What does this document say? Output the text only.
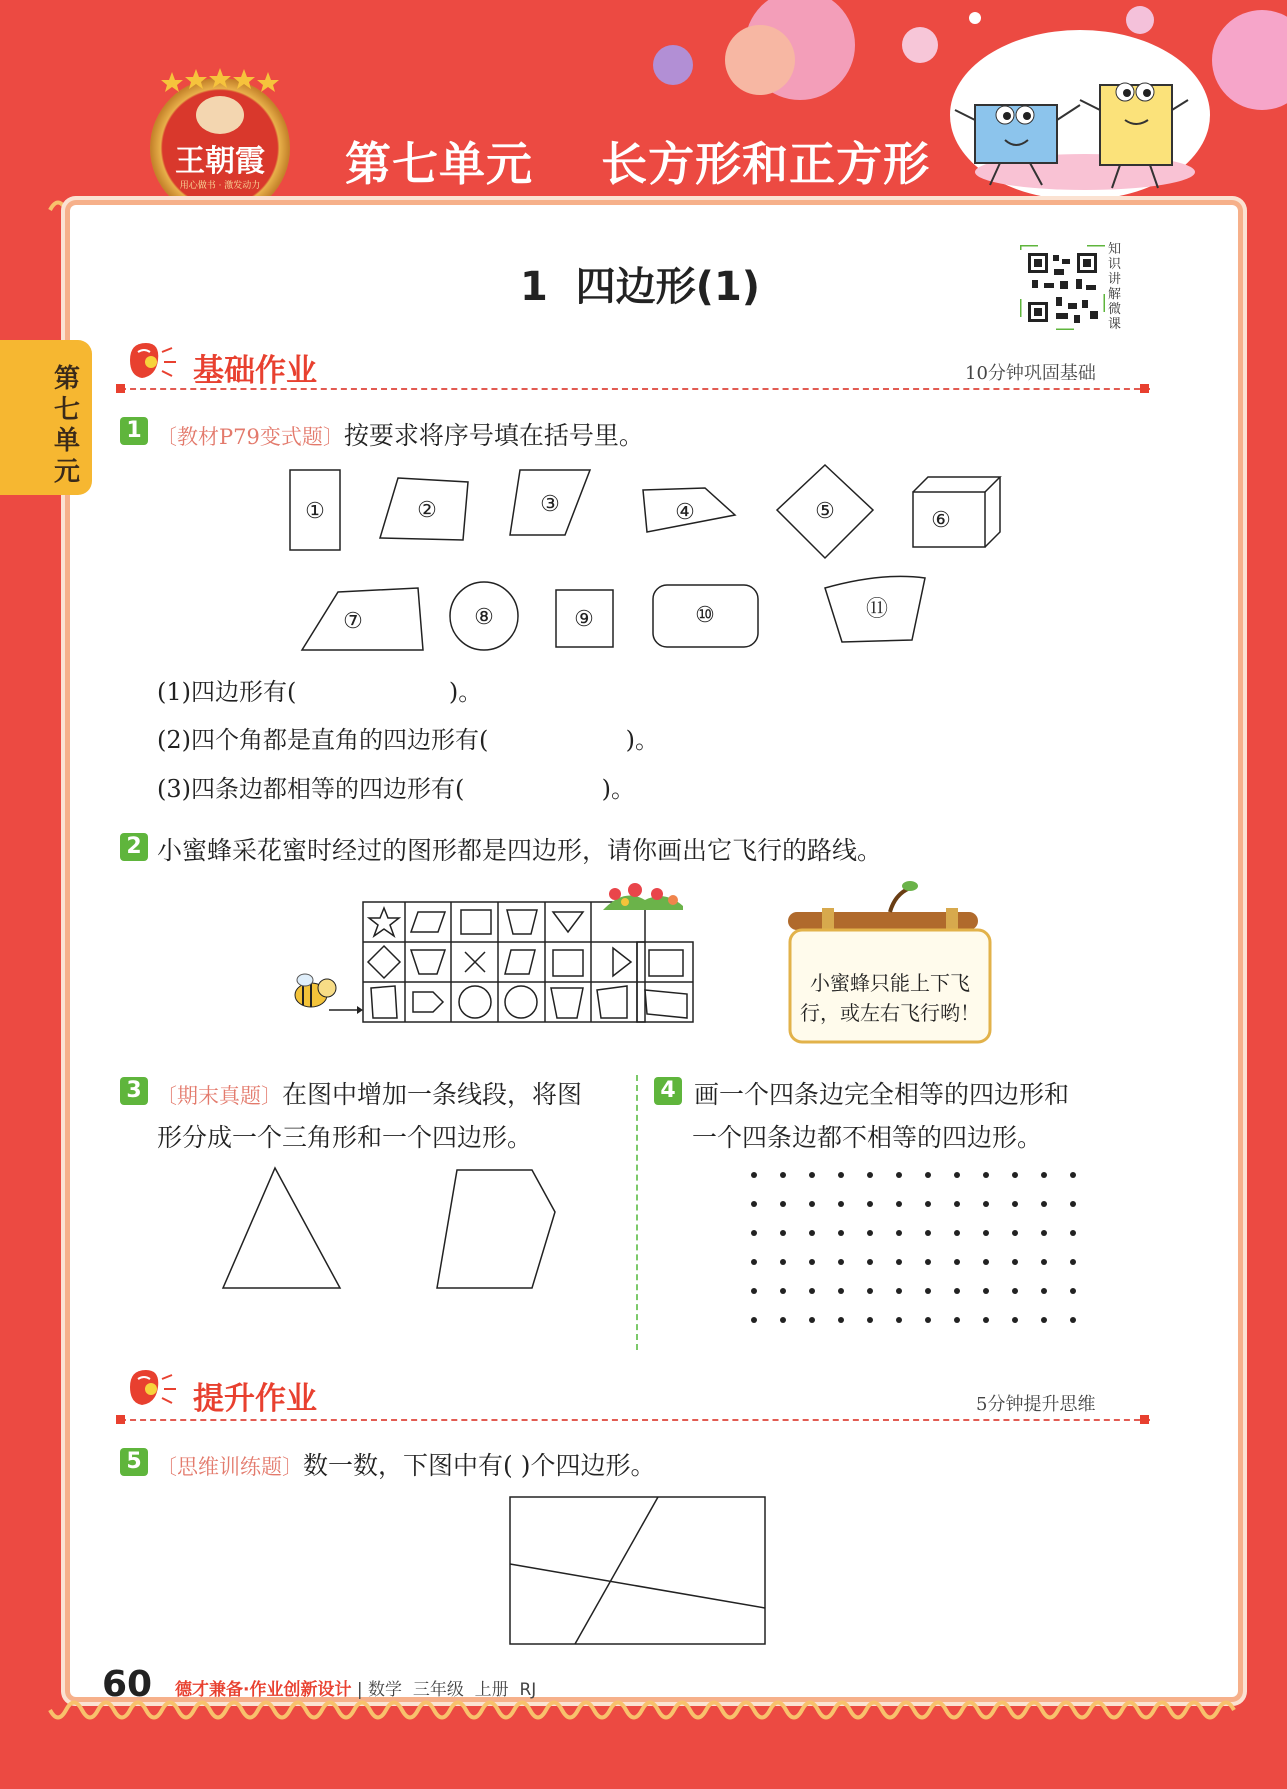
王朝霞
用心做书 · 激发动力 第七单元 长方形和正方形
第七单元
1  四边形(1)
知识讲解微课
基础作业	10分钟巩固基础
1 〔教材P79变式题〕按要求将序号填在括号里。
①	②	③	④	⑤	⑥
⑦	⑧	⑨	⑩	⑪
(1)四边形有(                    )。
(2)四个角都是直角的四边形有(                  )。
(3)四条边都相等的四边形有(                  )。
2 小蜜蜂采花蜜时经过的图形都是四边形，请你画出它飞行的路线。
小蜜蜂只能上下飞
行，或左右飞行哟！
3 〔期末真题〕在图中增加一条线段，将图
形分成一个三角形和一个四边形。
4 画一个四条边完全相等的四边形和
一个四条边都不相等的四边形。
提升作业	5分钟提升思维
5 〔思维训练题〕数一数，下图中有( )个四边形。
60 德才兼备·作业创新设计 | 数学  三年级  上册  RJ
